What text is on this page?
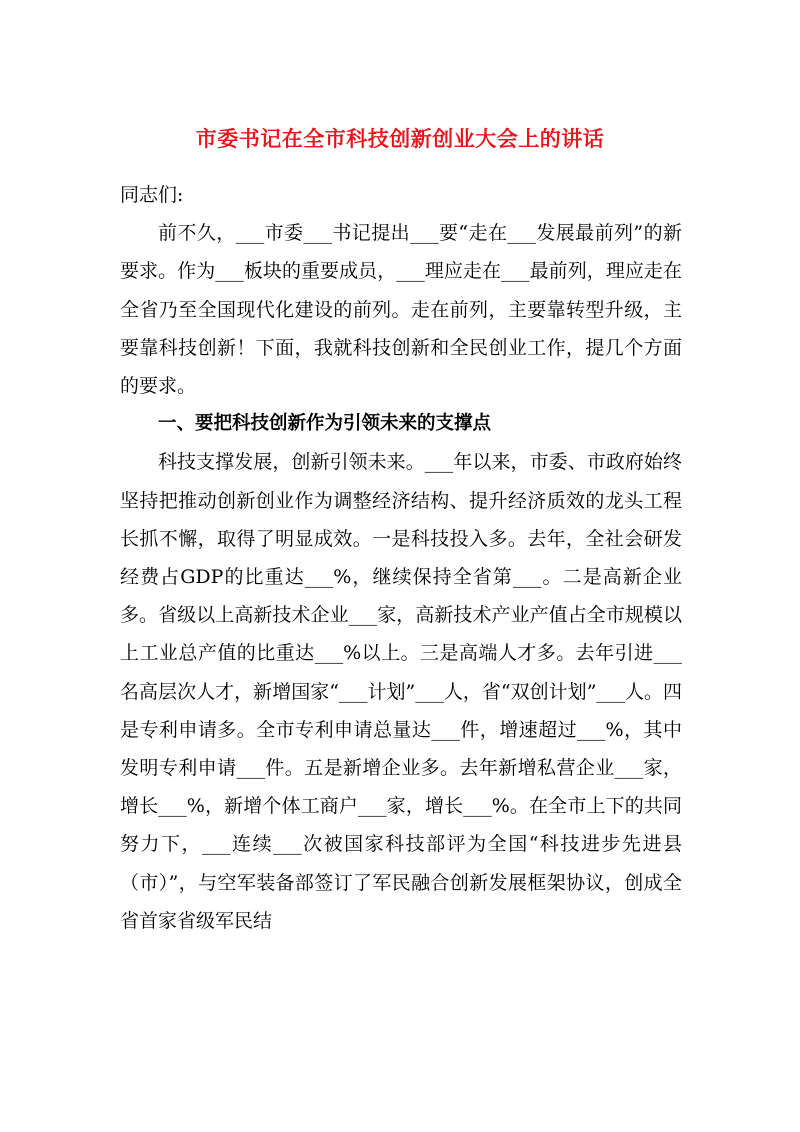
市委书记在全市科技创新创业大会上的讲话

同志们:

前不久，___市委___书记提出___要“走在___发展最前列”的新要求。作为___板块的重要成员，___理应走在___最前列，理应走在全省乃至全国现代化建设的前列。走在前列，主要靠转型升级，主要靠科技创新！下面，我就科技创新和全民创业工作，提几个方面的要求。

一、要把科技创新作为引领未来的支撑点

科技支撑发展，创新引领未来。___年以来，市委、市政府始终坚持把推动创新创业作为调整经济结构、提升经济质效的龙头工程长抓不懈，取得了明显成效。一是科技投入多。去年，全社会研发经费占GDP的比重达___%，继续保持全省第___。二是高新企业多。省级以上高新技术企业___家，高新技术产业产值占全市规模以上工业总产值的比重达___%以上。三是高端人才多。去年引进___名高层次人才，新增国家“___计划”___人，省“双创计划”___人。四是专利申请多。全市专利申请总量达___件，增速超过___%，其中发明专利申请___件。五是新增企业多。去年新增私营企业___家，增长___%，新增个体工商户___家，增长___%。在全市上下的共同努力下，___连续___次被国家科技部评为全国“科技进步先进县（市）”，与空军装备部签订了军民融合创新发展框架协议，创成全省首家省级军民结
